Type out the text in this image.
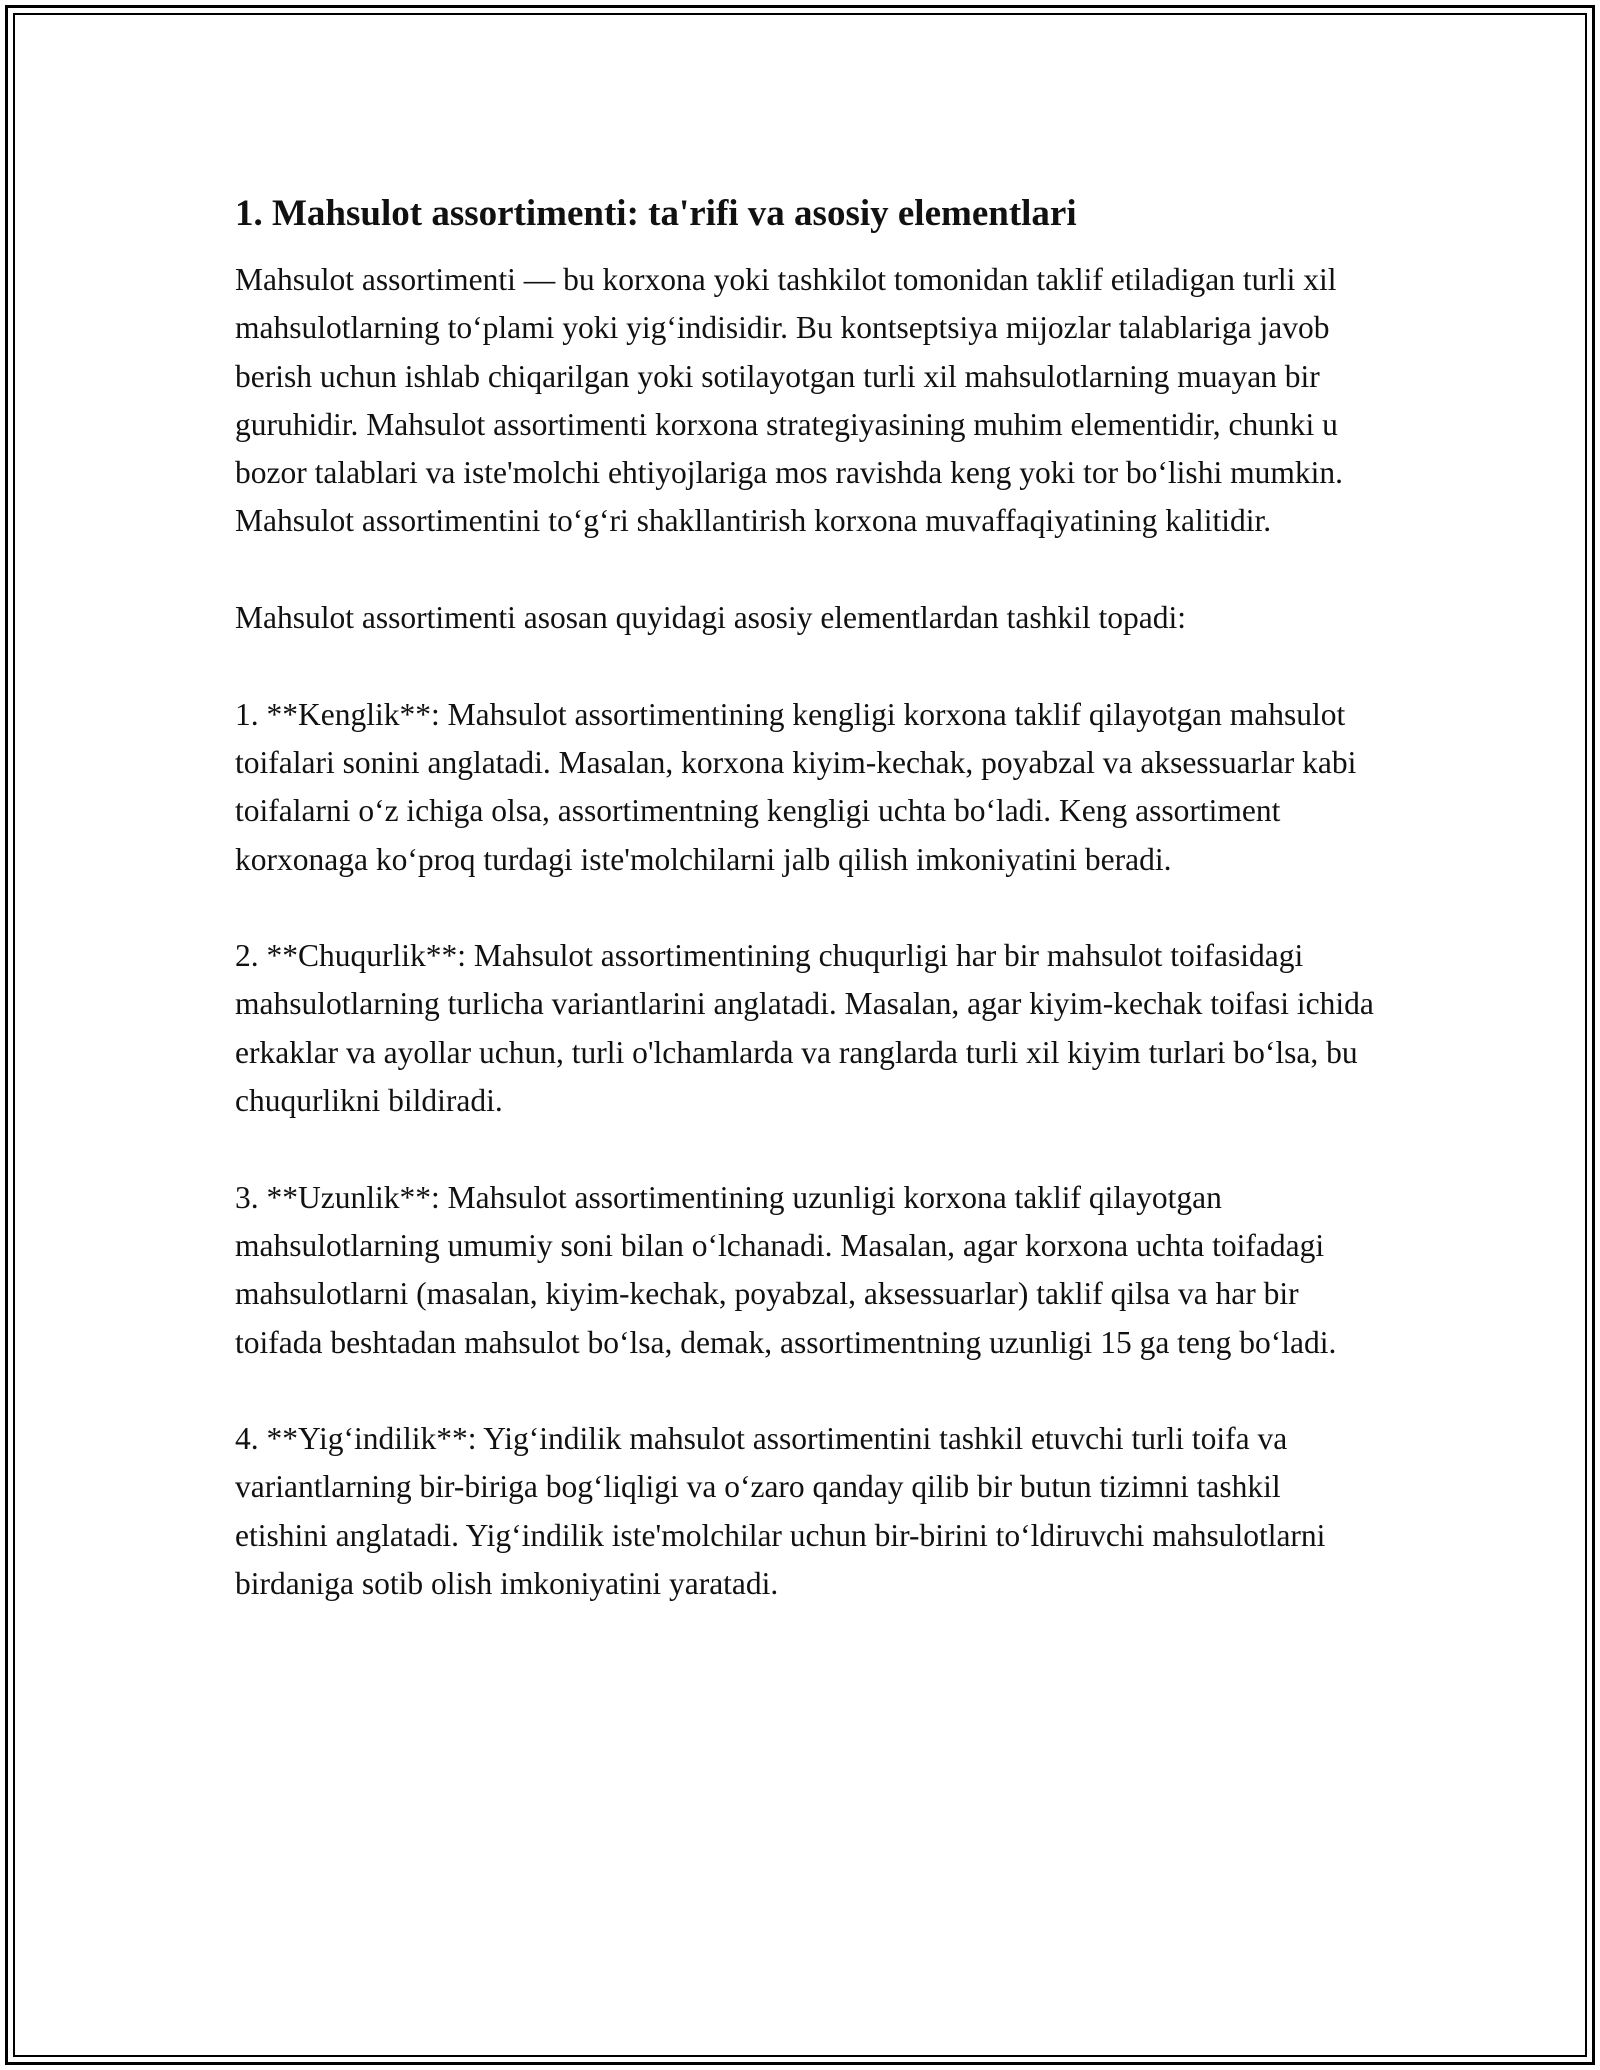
1. Mahsulot assortimenti: ta'rifi va asosiy elementlari

Mahsulot assortimenti — bu korxona yoki tashkilot tomonidan taklif etiladigan turli xil mahsulotlarning to‘plami yoki yig‘indisidir. Bu kontseptsiya mijozlar talablariga javob berish uchun ishlab chiqarilgan yoki sotilayotgan turli xil mahsulotlarning muayan bir guruhidir. Mahsulot assortimenti korxona strategiyasining muhim elementidir, chunki u bozor talablari va iste'molchi ehtiyojlariga mos ravishda keng yoki tor bo‘lishi mumkin. Mahsulot assortimentini to‘g‘ri shakllantirish korxona muvaffaqiyatining kalitidir.

Mahsulot assortimenti asosan quyidagi asosiy elementlardan tashkil topadi:

1. **Kenglik**: Mahsulot assortimentining kengligi korxona taklif qilayotgan mahsulot toifalari sonini anglatadi. Masalan, korxona kiyim-kechak, poyabzal va aksessuarlar kabi toifalarni o‘z ichiga olsa, assortimentning kengligi uchta bo‘ladi. Keng assortiment korxonaga ko‘proq turdagi iste'molchilarni jalb qilish imkoniyatini beradi.

2. **Chuqurlik**: Mahsulot assortimentining chuqurligi har bir mahsulot toifasidagi mahsulotlarning turlicha variantlarini anglatadi. Masalan, agar kiyim-kechak toifasi ichida erkaklar va ayollar uchun, turli o'lchamlarda va ranglarda turli xil kiyim turlari bo‘lsa, bu chuqurlikni bildiradi.

3. **Uzunlik**: Mahsulot assortimentining uzunligi korxona taklif qilayotgan mahsulotlarning umumiy soni bilan o‘lchanadi. Masalan, agar korxona uchta toifadagi mahsulotlarni (masalan, kiyim-kechak, poyabzal, aksessuarlar) taklif qilsa va har bir toifada beshtadan mahsulot bo‘lsa, demak, assortimentning uzunligi 15 ga teng bo‘ladi.

4. **Yig‘indilik**: Yig‘indilik mahsulot assortimentini tashkil etuvchi turli toifa va variantlarning bir-biriga bog‘liqligi va o‘zaro qanday qilib bir butun tizimni tashkil etishini anglatadi. Yig‘indilik iste'molchilar uchun bir-birini to‘ldiruvchi mahsulotlarni birdaniga sotib olish imkoniyatini yaratadi.
